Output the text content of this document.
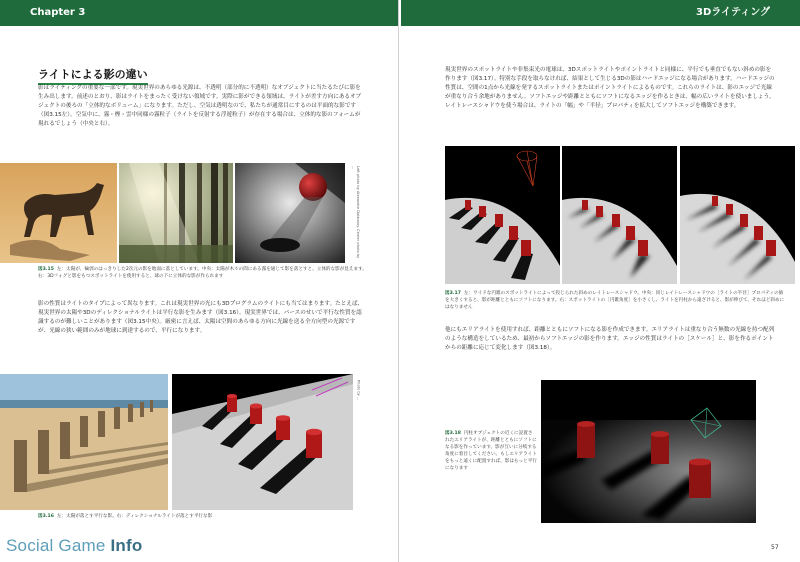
Chapter 3
ライトによる影の違い

影はライティングの重要な一部です。現実世界のあらゆる光源は、不透明（部分的に不透明）なオブジェクトに当たるたびに影を生み出します。前述のとおり、影はライトをまったく受けない領域です。実際に影ができる領域は、ライトが差す方向にあるオブジェクトの後ろの「立体的なボリューム」になります。ただし、空気は透明なので、私たちが通常目にするのは平面的な影です（図3.15左）。空気中に、霧・煙・雲中同様の霧粒子（ライトを反射する浮遊粒子）が存在する場合は、立体的な影のフォームが現れるでしょう（中央と右）。

Left photo by Alexandre Dulaunoy. Center photo by ...

図3.15 左：太陽が、輪郭のはっきりした2次元の影を地面に落としています。中央：太陽が木々の間にある霧を通じて影を落とすと、立体的な影が見えます。右：3Dフォグと影をもつスポットライトを使用すると、球の下に立体的な影が作られます

影の性質はライトのタイプによって異なります。これは現実世界の光にも3Dプログラムのライトにも当てはまります。たとえば、現実世界の太陽や3Dのディレクショナルライトは平行な影を生みます（図3.16）。現実世界では、パースのせいで平行な性質を認識するのが難しいことがあります（図3.15中央）。厳密に言えば、太陽は空間のあらゆる方向に光線を送る全方向型の光源ですが、光線の狭い範囲のみが地球に到達するので、平行になります。

Photo by ...

図3.16 左：太陽が落とす平行な影。右：ディレクショナルライトが落とす平行な影

3Dライティング

現実世界のスポットライトや非集束光の電球は、3Dスポットライトやポイントライトと同様に、平行でも垂直でもない斜めの影を作ります（図3.17）。特別な手段を取らなければ、結果として生じる3Dの影はハードエッジになる場合があります。ハードエッジの性質は、空間の1点から光線を発するスポットライトまたはポイントライトによるものです。これらのライトは、影のエッジで光線が重なり合う余地がありません。ソフトエッジや距離とともにソフトになるエッジを作るときは、幅の広いライトを使いましょう。レイトレースシャドウを使う場合は、ライトの「幅」や「半径」プロパティを拡大してソフトエッジを構築できます。

図3.17 左：ワイドな円錐のスポットライトによって投じられた斜めのレイトレースシャドウ。中央：同じレイトレースシャドウの［ライトの半径］プロパティの値を大きくすると、影が距離とともにソフトになります。右：スポットライトの［円錐角度］を小さくし、ライトを円柱から遠ざけると、影が伸びて、それほど斜めにはなりません

他にもエリアライトを使用すれば、距離とともにソフトになる影を作成できます。エリアライトは重なり合う無数の光線を持つ配列のような構造をしているため、最初からソフトエッジの影を作ります。エッジの性質はライトの［スケール］と、影を作るポイントからの距離に応じて変化します（図3.18）。

図3.18 円柱オブジェクトの近くに設置されたエリアライトが、距離とともにソフトになる影を作っています。影が互いに分岐する角度に着目してください。もしエリアライトをもっと遠くに配置すれば、影はもっと平行になります

57
Social Game Info
